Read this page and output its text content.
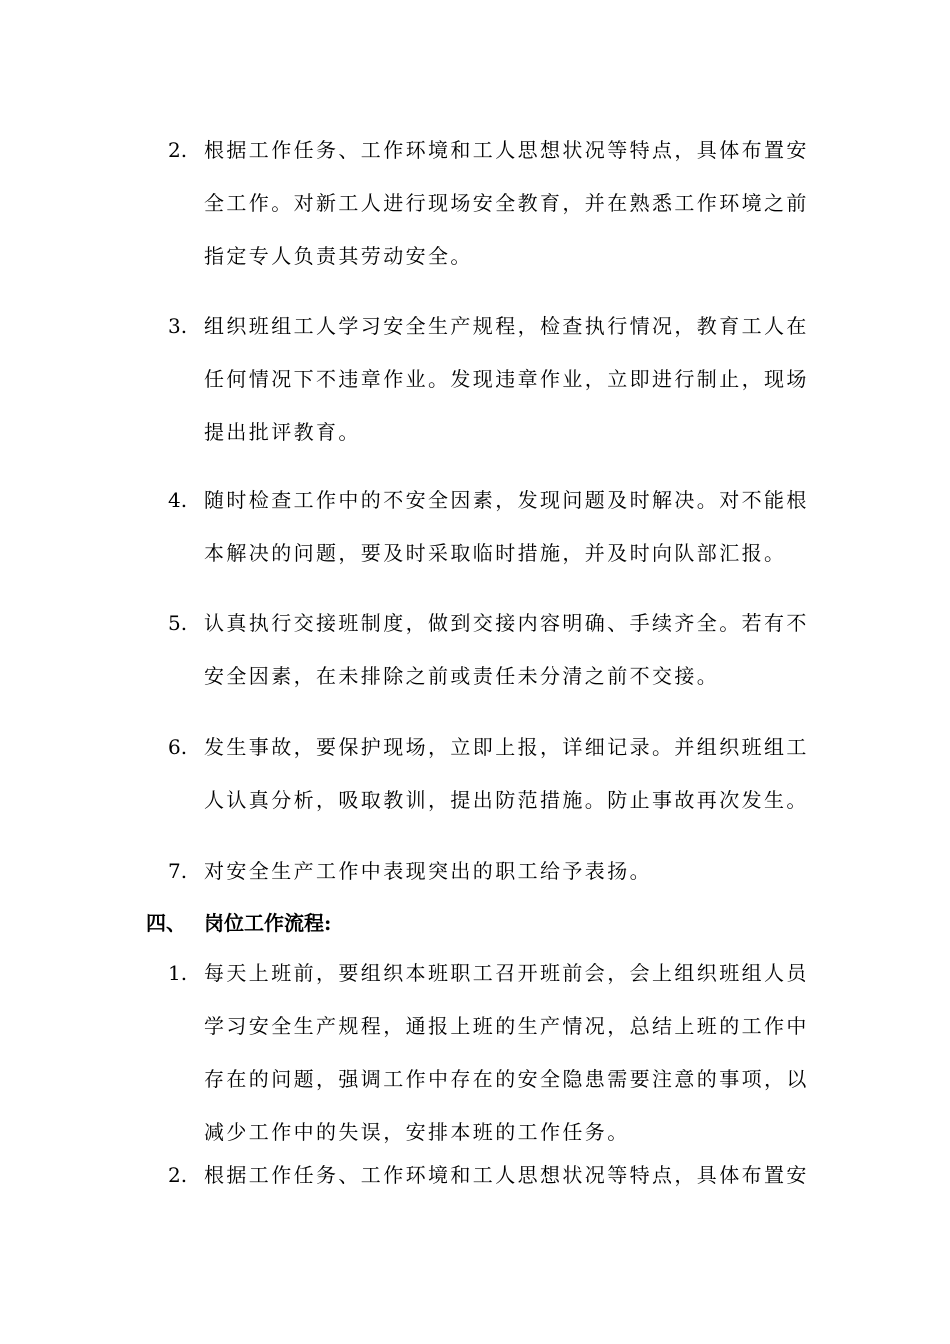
2. 根据工作任务、工作环境和工人思想状况等特点，具体布置安
全工作。对新工人进行现场安全教育，并在熟悉工作环境之前
指定专人负责其劳动安全。
3. 组织班组工人学习安全生产规程，检查执行情况，教育工人在
任何情况下不违章作业。发现违章作业，立即进行制止，现场
提出批评教育。
4. 随时检查工作中的不安全因素，发现问题及时解决。对不能根
本解决的问题，要及时采取临时措施，并及时向队部汇报。
5. 认真执行交接班制度，做到交接内容明确、手续齐全。若有不
安全因素，在未排除之前或责任未分清之前不交接。
6. 发生事故，要保护现场，立即上报，详细记录。并组织班组工
人认真分析，吸取教训，提出防范措施。防止事故再次发生。
7. 对安全生产工作中表现突出的职工给予表扬。
四、 岗位工作流程:
1. 每天上班前，要组织本班职工召开班前会，会上组织班组人员
学习安全生产规程，通报上班的生产情况，总结上班的工作中
存在的问题，强调工作中存在的安全隐患需要注意的事项，以
减少工作中的失误，安排本班的工作任务。
2. 根据工作任务、工作环境和工人思想状况等特点，具体布置安
